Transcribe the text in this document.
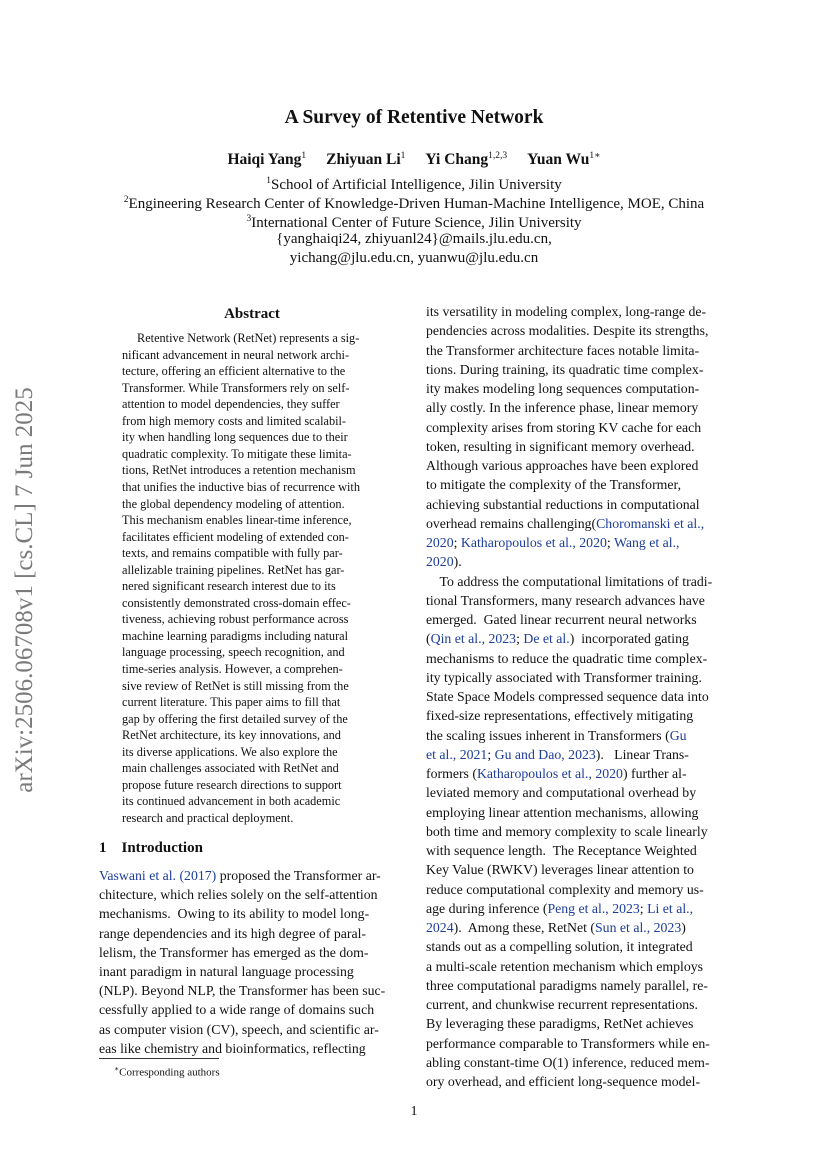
arXiv:2506.06708v1 [cs.CL] 7 Jun 2025
A Survey of Retentive Network
Haiqi Yang$^1$ Zhiyuan Li$^1$ Yi Chang$^{1,2,3}$ Yuan $Wu^{1∗}$
$^1$School of Artificial Intelligence, Jilin University
$^2$Engineering Research Center of Knowledge-Driven Human-Machine Intelligence, MOE, China
$^3$International Center of Future Science, Jilin University
{yanghaiqi24, zhiyuanl24}@mails.jlu.edu.cn,
yichang@jlu.edu.cn, yuanwu@jlu.edu.cn
Abstract
Retentive Network (RetNet) represents a sig-
nificant advancement in neural network archi-
tecture, offering an efficient alternative to the
Transformer. While Transformers rely on self-
attention to model dependencies, they suffer
from high memory costs and limited scalabil-
ity when handling long sequences due to their
quadratic complexity. To mitigate these limita-
tions, RetNet introduces a retention mechanism
that unifies the inductive bias of recurrence with
the global dependency modeling of attention.
This mechanism enables linear-time inference,
facilitates efficient modeling of extended con-
texts, and remains compatible with fully par-
allelizable training pipelines. RetNet has gar-
nered significant research interest due to its
consistently demonstrated cross-domain effec-
tiveness, achieving robust performance across
machine learning paradigms including natural
language processing, speech recognition, and
time-series analysis. However, a comprehen-
sive review of RetNet is still missing from the
current literature. This paper aims to fill that
gap by offering the first detailed survey of the
RetNet architecture, its key innovations, and
its diverse applications. We also explore the
main challenges associated with RetNet and
propose future research directions to support
its continued advancement in both academic
research and practical deployment.
1 Introduction
Vaswani et al. (2017) proposed the Transformer ar-
chitecture, which relies solely on the self-attention
mechanisms.  Owing to its ability to model long-
range dependencies and its high degree of paral-
lelism, the Transformer has emerged as the dom-
inant paradigm in natural language processing
(NLP). Beyond NLP, the Transformer has been suc-
cessfully applied to a wide range of domains such
as computer vision (CV), speech, and scientific ar-
eas like chemistry and bioinformatics, reflecting
its versatility in modeling complex, long-range de-
pendencies across modalities. Despite its strengths,
the Transformer architecture faces notable limita-
tions. During training, its quadratic time complex-
ity makes modeling long sequences computation-
ally costly. In the inference phase, linear memory
complexity arises from storing KV cache for each
token, resulting in significant memory overhead.
Although various approaches have been explored
to mitigate the complexity of the Transformer,
achieving substantial reductions in computational
overhead remains challenging(Choromanski et al.,
2020; Katharopoulos et al., 2020; Wang et al.,
2020).
To address the computational limitations of tradi-
tional Transformers, many research advances have
emerged.  Gated linear recurrent neural networks
(Qin et al., 2023; De et al.)  incorporated gating
mechanisms to reduce the quadratic time complex-
ity typically associated with Transformer training.
State Space Models compressed sequence data into
fixed-size representations, effectively mitigating
the scaling issues inherent in Transformers (Gu
et al., 2021; Gu and Dao, 2023).   Linear Trans-
formers (Katharopoulos et al., 2020) further al-
leviated memory and computational overhead by
employing linear attention mechanisms, allowing
both time and memory complexity to scale linearly
with sequence length.  The Receptance Weighted
Key Value (RWKV) leverages linear attention to
reduce computational complexity and memory us-
age during inference (Peng et al., 2023; Li et al.,
2024).  Among these, RetNet (Sun et al., 2023)
stands out as a compelling solution, it integrated
a multi-scale retention mechanism which employs
three computational paradigms namely parallel, re-
current, and chunkwise recurrent representations.
By leveraging these paradigms, RetNet achieves
performance comparable to Transformers while en-
abling constant-time O(1) inference, reduced mem-
ory overhead, and efficient long-sequence model-
∗Corresponding authors
1
